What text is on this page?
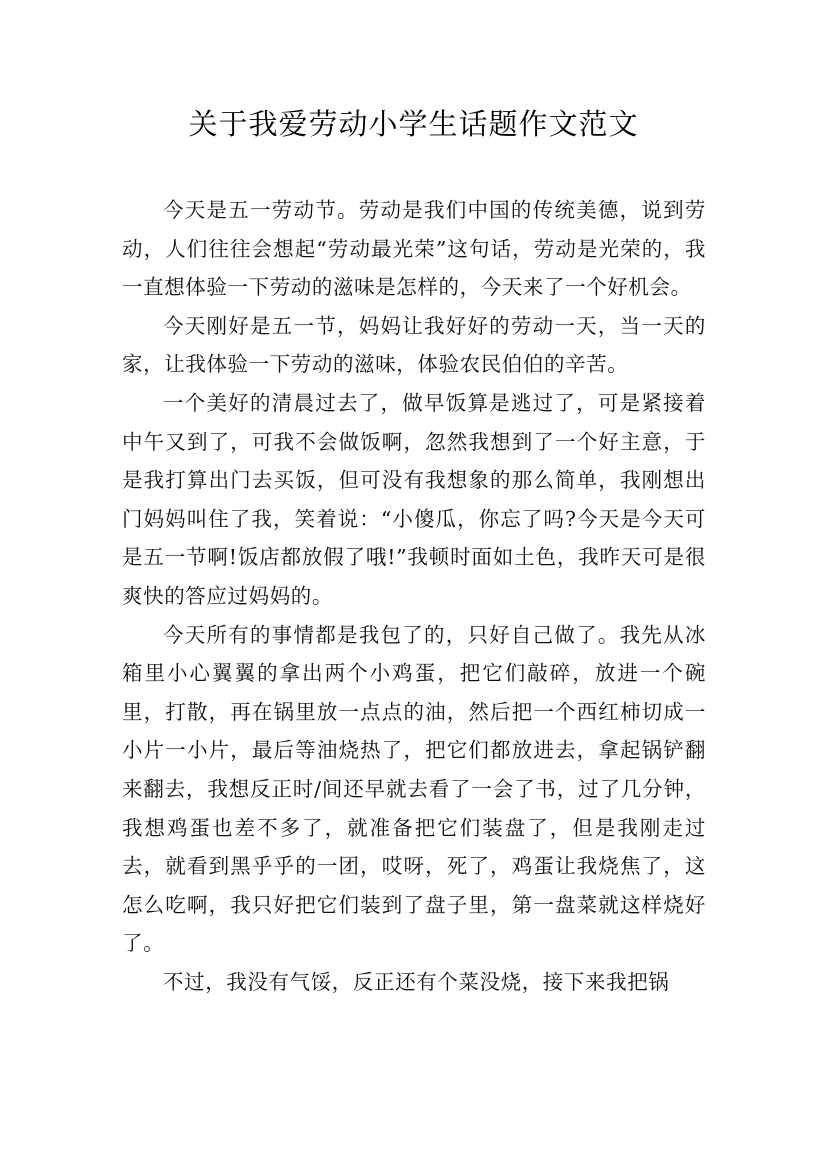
关于我爱劳动小学生话题作文范文

今天是五一劳动节。劳动是我们中国的传统美德，说到劳动，人们往往会想起“劳动最光荣”这句话，劳动是光荣的，我一直想体验一下劳动的滋味是怎样的，今天来了一个好机会。

今天刚好是五一节，妈妈让我好好的劳动一天，当一天的家，让我体验一下劳动的滋味，体验农民伯伯的辛苦。

一个美好的清晨过去了，做早饭算是逃过了，可是紧接着中午又到了，可我不会做饭啊，忽然我想到了一个好主意，于是我打算出门去买饭，但可没有我想象的那么简单，我刚想出门妈妈叫住了我，笑着说：“小傻瓜，你忘了吗?今天是今天可是五一节啊!饭店都放假了哦!”我顿时面如土色，我昨天可是很爽快的答应过妈妈的。

今天所有的事情都是我包了的，只好自己做了。我先从冰箱里小心翼翼的拿出两个小鸡蛋，把它们敲碎，放进一个碗里，打散，再在锅里放一点点的油，然后把一个西红柿切成一小片一小片，最后等油烧热了，把它们都放进去，拿起锅铲翻来翻去，我想反正时/间还早就去看了一会了书，过了几分钟，我想鸡蛋也差不多了，就准备把它们装盘了，但是我刚走过去，就看到黑乎乎的一团，哎呀，死了，鸡蛋让我烧焦了，这怎么吃啊，我只好把它们装到了盘子里，第一盘菜就这样烧好了。

不过，我没有气馁，反正还有个菜没烧，接下来我把锅
